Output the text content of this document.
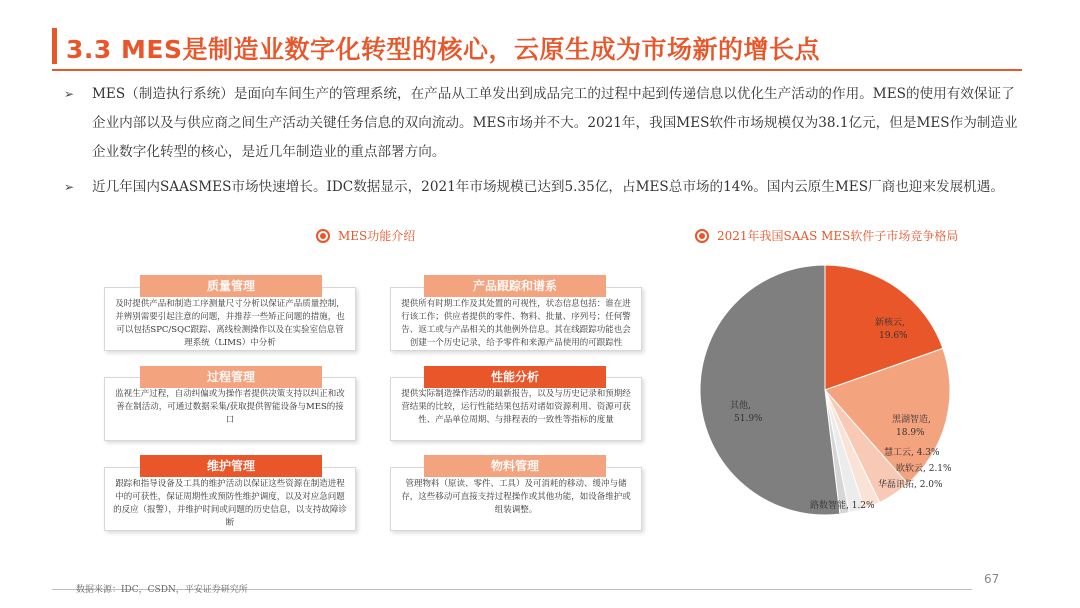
3.3 MES是制造业数字化转型的核心，云原生成为市场新的增长点
➢	MES（制造执行系统）是面向车间生产的管理系统，在产品从工单发出到成品完工的过程中起到传递信息以优化生产活动的作用。MES的使用有效保证了企业内部以及与供应商之间生产活动关键任务信息的双向流动。MES市场并不大。2021年，我国MES软件市场规模仅为38.1亿元，但是MES作为制造业企业数字化转型的核心，是近几年制造业的重点部署方向。
➢	近几年国内SAASMES市场快速增长。IDC数据显示，2021年市场规模已达到5.35亿，占MES总市场的14%。国内云原生MES厂商也迎来发展机遇。
MES功能介绍	2021年我国SAAS MES软件子市场竞争格局
及时提供产品和制造工序测量尺寸分析以保证产品质量控制，并辨别需要引起注意的问题，并推荐一些矫正问题的措施，也可以包括SPC/SQC跟踪、离线检测操作以及在实验室信息管理系统（LIMS）中分析
质量管理
提供所有时期工作及其处置的可视性，状态信息包括：谁在进行该工作；供应者提供的零件、物料、批量、序列号；任何警告、返工或与产品相关的其他例外信息。其在线跟踪功能也会创建一个历史记录，给予零件和来源产品使用的可跟踪性
产品跟踪和谱系
监视生产过程，自动纠偏或为操作者提供决策支持以纠正和改善在制活动，可通过数据采集/获取提供智能设备与MES的接口
过程管理
提供实际制造操作活动的最新报告，以及与历史记录和预期经营结果的比较，运行性能结果包括对诸如资源利用、资源可获性、产品单位周期、与排程表的一致性等指标的度量
性能分析
跟踪和指导设备及工具的维护活动以保证这些资源在制造进程中的可获性，保证周期性或预防性维护调度，以及对应急问题的反应（报警），并维护时间或问题的历史信息，以支持故障诊断
维护管理
管理物料（原读、零件、工具）及可消耗的移动、缓冲与储存，这些移动可直接支持过程操作或其他功能，如设备维护或组装调整。
物料管理
新核云, 19.6%
黑湖智造, 18.9%
慧工云, 4.3%
欧软云, 2.1%
华磊讯拓, 2.0%
路数智能, 1.2%
其他, 51.9%
数据来源：IDC，CSDN，平安证券研究所
67
